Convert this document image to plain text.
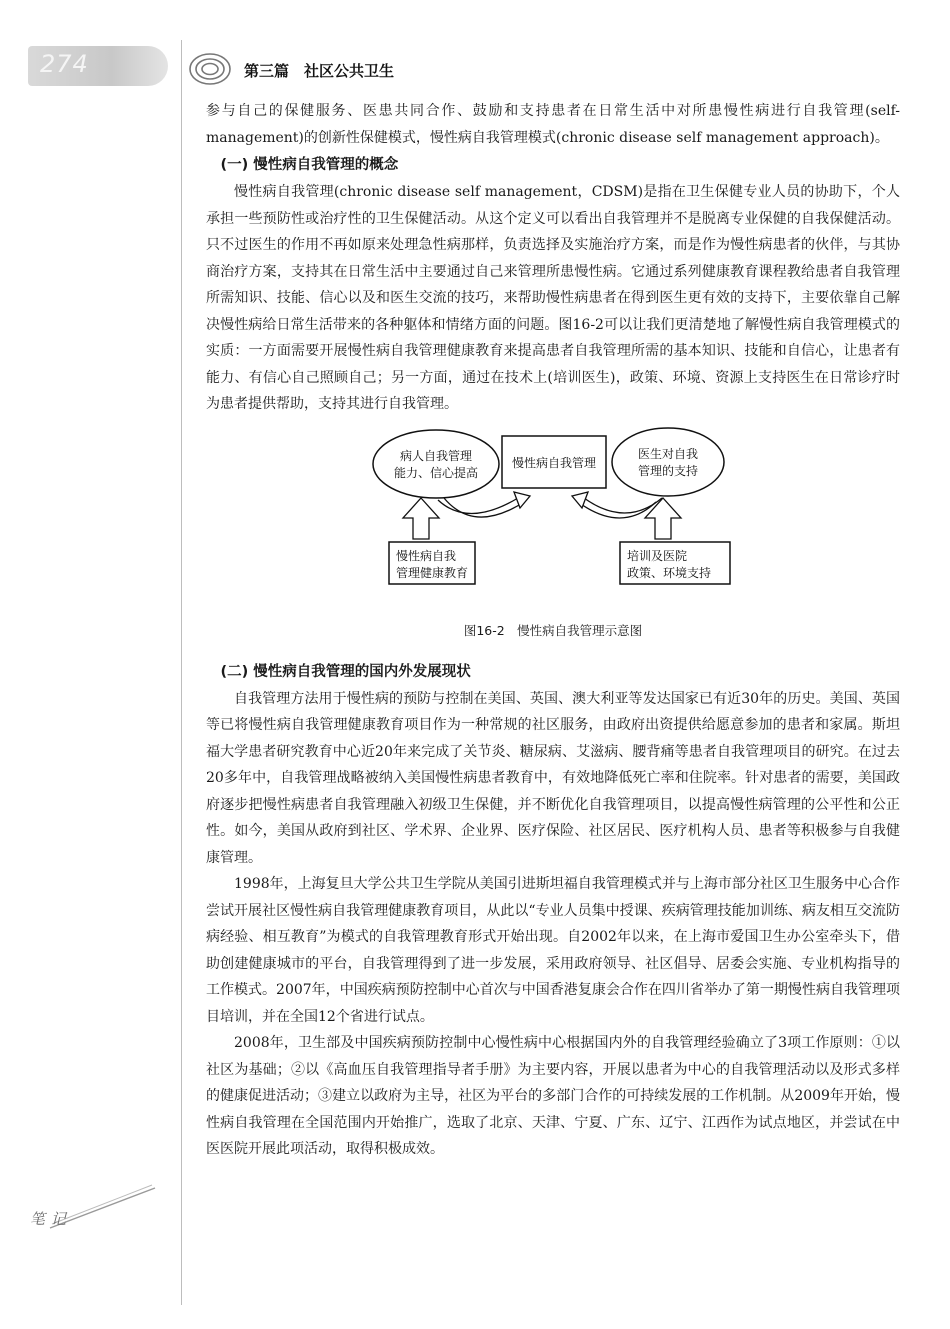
274	第三篇　社区公共卫生

参与自己的保健服务、医患共同合作、鼓励和支持患者在日常生活中对所患慢性病进行自我管理(self-management)的创新性保健模式，慢性病自我管理模式(chronic disease self management approach)。

(一) 慢性病自我管理的概念

慢性病自我管理(chronic disease self management，CDSM)是指在卫生保健专业人员的协助下，个人承担一些预防性或治疗性的卫生保健活动。从这个定义可以看出自我管理并不是脱离专业保健的自我保健活动。只不过医生的作用不再如原来处理急性病那样，负责选择及实施治疗方案，而是作为慢性病患者的伙伴，与其协商治疗方案，支持其在日常生活中主要通过自己来管理所患慢性病。它通过系列健康教育课程教给患者自我管理所需知识、技能、信心以及和医生交流的技巧，来帮助慢性病患者在得到医生更有效的支持下，主要依靠自己解决慢性病给日常生活带来的各种躯体和情绪方面的问题。图16-2可以让我们更清楚地了解慢性病自我管理模式的实质：一方面需要开展慢性病自我管理健康教育来提高患者自我管理所需的基本知识、技能和自信心，让患者有能力、有信心自己照顾自己；另一方面，通过在技术上(培训医生)，政策、环境、资源上支持医生在日常诊疗时为患者提供帮助，支持其进行自我管理。

病人自我管理
能力、信心提高
慢性病自我管理
医生对自我
管理的支持
慢性病自我
管理健康教育
培训及医院
政策、环境支持
图16-2　慢性病自我管理示意图

(二) 慢性病自我管理的国内外发展现状

自我管理方法用于慢性病的预防与控制在美国、英国、澳大利亚等发达国家已有近30年的历史。美国、英国等已将慢性病自我管理健康教育项目作为一种常规的社区服务，由政府出资提供给愿意参加的患者和家属。斯坦福大学患者研究教育中心近20年来完成了关节炎、糖尿病、艾滋病、腰背痛等患者自我管理项目的研究。在过去20多年中，自我管理战略被纳入美国慢性病患者教育中，有效地降低死亡率和住院率。针对患者的需要，美国政府逐步把慢性病患者自我管理融入初级卫生保健，并不断优化自我管理项目，以提高慢性病管理的公平性和公正性。如今，美国从政府到社区、学术界、企业界、医疗保险、社区居民、医疗机构人员、患者等积极参与自我健康管理。

1998年，上海复旦大学公共卫生学院从美国引进斯坦福自我管理模式并与上海市部分社区卫生服务中心合作尝试开展社区慢性病自我管理健康教育项目，从此以“专业人员集中授课、疾病管理技能加训练、病友相互交流防病经验、相互教育”为模式的自我管理教育形式开始出现。自2002年以来，在上海市爱国卫生办公室牵头下，借助创建健康城市的平台，自我管理得到了进一步发展，采用政府领导、社区倡导、居委会实施、专业机构指导的工作模式。2007年，中国疾病预防控制中心首次与中国香港复康会合作在四川省举办了第一期慢性病自我管理项目培训，并在全国12个省进行试点。

2008年，卫生部及中国疾病预防控制中心慢性病中心根据国内外的自我管理经验确立了3项工作原则：①以社区为基础；②以《高血压自我管理指导者手册》为主要内容，开展以患者为中心的自我管理活动以及形式多样的健康促进活动；③建立以政府为主导，社区为平台的多部门合作的可持续发展的工作机制。从2009年开始，慢性病自我管理在全国范围内开始推广，选取了北京、天津、宁夏、广东、辽宁、江西作为试点地区，并尝试在中医医院开展此项活动，取得积极成效。

笔记
